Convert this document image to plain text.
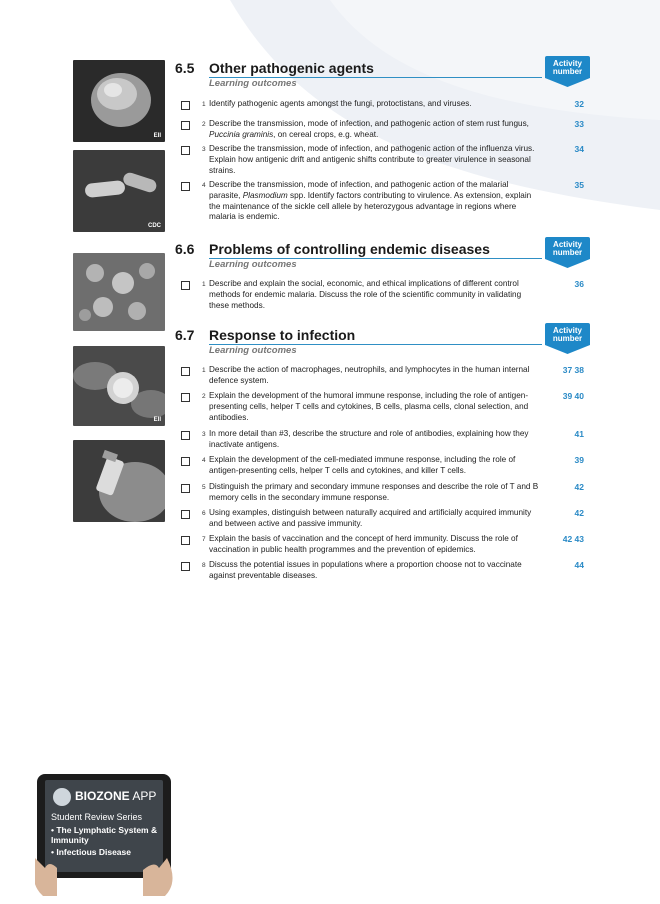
EII
CDC
EII
6.5 Other pathogenic agents
Learning outcomes
Activity
number
1 Identify pathogenic agents amongst the fungi, protoctistans, and viruses.	32
2 Describe the transmission, mode of infection, and pathogenic action of stem rust fungus, Puccinia graminis, on cereal crops, e.g. wheat.
33
3 Describe the transmission, mode of infection, and pathogenic action of the influenza virus. Explain how antigenic drift and antigenic shifts contribute to greater virulence in seasonal strains.
34
4 Describe the transmission, mode of infection, and pathogenic action of the malarial parasite, Plasmodium spp. Identify factors contributing to virulence. As extension, explain the maintenance of the sickle cell allele by heterozygous advantage in regions where malaria is endemic.
35
6.6 Problems of controlling endemic diseases
Learning outcomes
Activity
number
1 Describe and explain the social, economic, and ethical implications of different control methods for endemic malaria. Discuss the role of the scientific community in validating these methods.
36
6.7 Response to infection
Learning outcomes
Activity
number
1 Describe the action of macrophages, neutrophils, and lymphocytes in the human internal defence system.
37 38
2 Explain the development of the humoral immune response, including the role of antigen-presenting cells, helper T cells and cytokines, B cells, plasma cells, clonal selection, and antibodies.
39 40
3 In more detail than #3, describe the structure and role of antibodies, explaining how they inactivate antigens.
41
4 Explain the development of the cell-mediated immune response, including the role of antigen-presenting cells, helper T cells and cytokines, and killer T cells.
39
5 Distinguish the primary and secondary immune responses and describe the role of T and B memory cells in the secondary immune response.
42
6 Using examples, distinguish between naturally acquired and artificially acquired immunity and between active and passive immunity.
42
7 Explain the basis of vaccination and the concept of herd immunity. Discuss the role of vaccination in public health programmes and the prevention of epidemics.
42 43
8 Discuss the potential issues in populations where a proportion choose not to vaccinate against preventable diseases.
44
BIOZONE APP
Student Review Series
• The Lymphatic System & Immunity
• Infectious Disease
